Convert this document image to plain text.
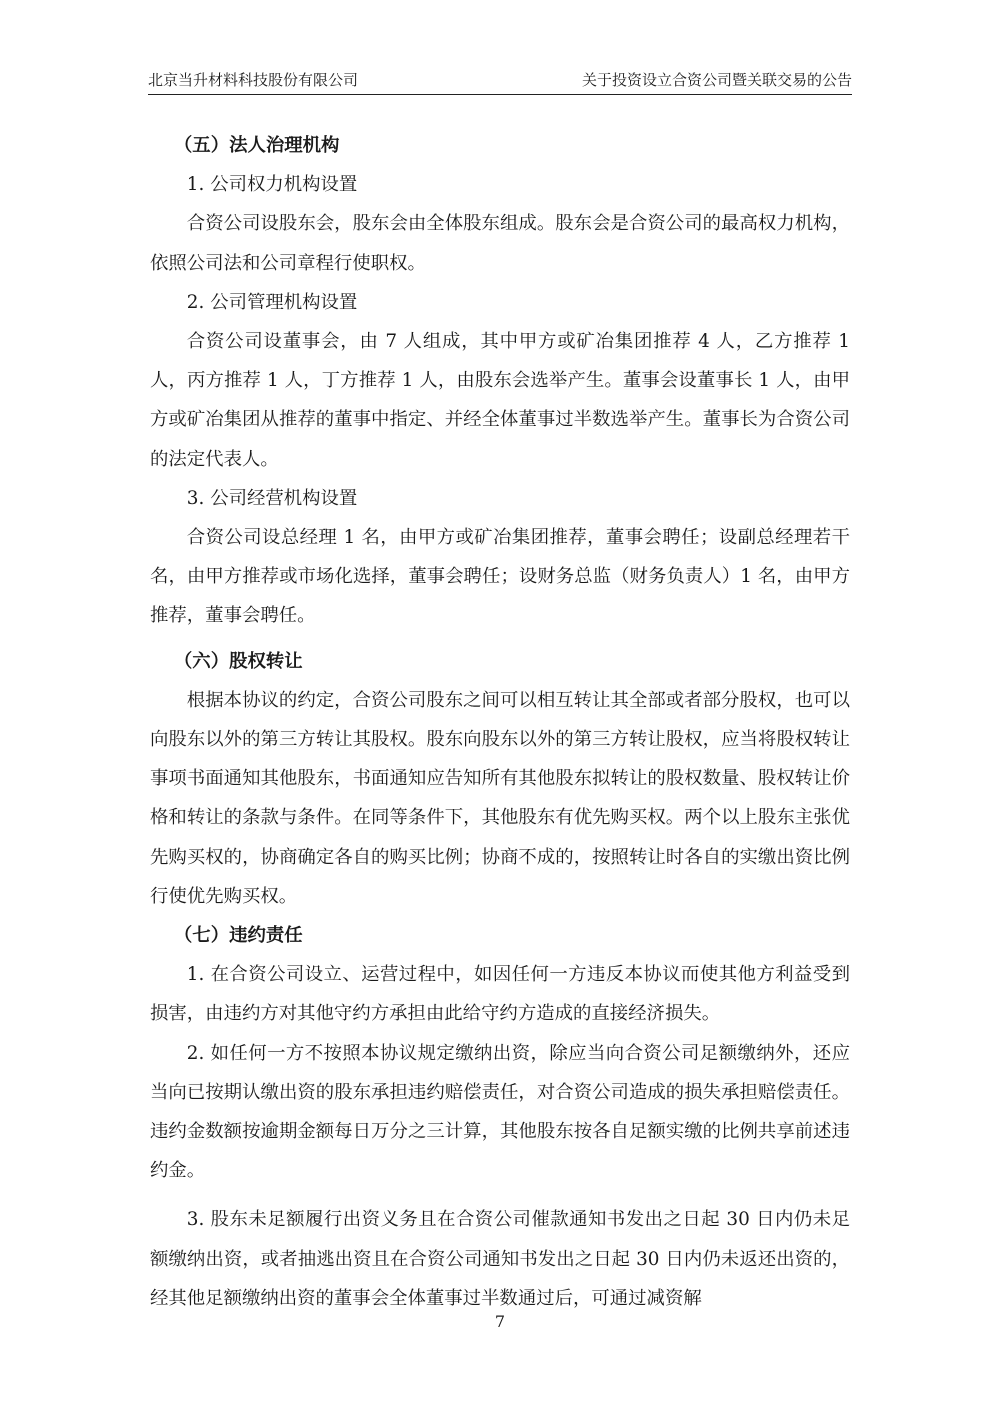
北京当升材料科技股份有限公司	关于投资设立合资公司暨关联交易的公告
（五）法人治理机构

1. 公司权力机构设置

合资公司设股东会，股东会由全体股东组成。股东会是合资公司的最高权力机构，依照公司法和公司章程行使职权。

2. 公司管理机构设置

合资公司设董事会，由 7 人组成，其中甲方或矿冶集团推荐 4 人，乙方推荐 1 人，丙方推荐 1 人，丁方推荐 1 人，由股东会选举产生。董事会设董事长 1 人，由甲方或矿冶集团从推荐的董事中指定、并经全体董事过半数选举产生。董事长为合资公司的法定代表人。

3. 公司经营机构设置

合资公司设总经理 1 名，由甲方或矿冶集团推荐，董事会聘任；设副总经理若干名，由甲方推荐或市场化选择，董事会聘任；设财务总监（财务负责人）1 名，由甲方推荐，董事会聘任。

（六）股权转让

根据本协议的约定，合资公司股东之间可以相互转让其全部或者部分股权，也可以向股东以外的第三方转让其股权。股东向股东以外的第三方转让股权，应当将股权转让事项书面通知其他股东，书面通知应告知所有其他股东拟转让的股权数量、股权转让价格和转让的条款与条件。在同等条件下，其他股东有优先购买权。两个以上股东主张优先购买权的，协商确定各自的购买比例；协商不成的，按照转让时各自的实缴出资比例行使优先购买权。

（七）违约责任

1. 在合资公司设立、运营过程中，如因任何一方违反本协议而使其他方利益受到损害，由违约方对其他守约方承担由此给守约方造成的直接经济损失。

2. 如任何一方不按照本协议规定缴纳出资，除应当向合资公司足额缴纳外，还应当向已按期认缴出资的股东承担违约赔偿责任，对合资公司造成的损失承担赔偿责任。违约金数额按逾期金额每日万分之三计算，其他股东按各自足额实缴的比例共享前述违约金。

3. 股东未足额履行出资义务且在合资公司催款通知书发出之日起 30 日内仍未足额缴纳出资，或者抽逃出资且在合资公司通知书发出之日起 30 日内仍未返还出资的，经其他足额缴纳出资的董事会全体董事过半数通过后，可通过减资解

7
